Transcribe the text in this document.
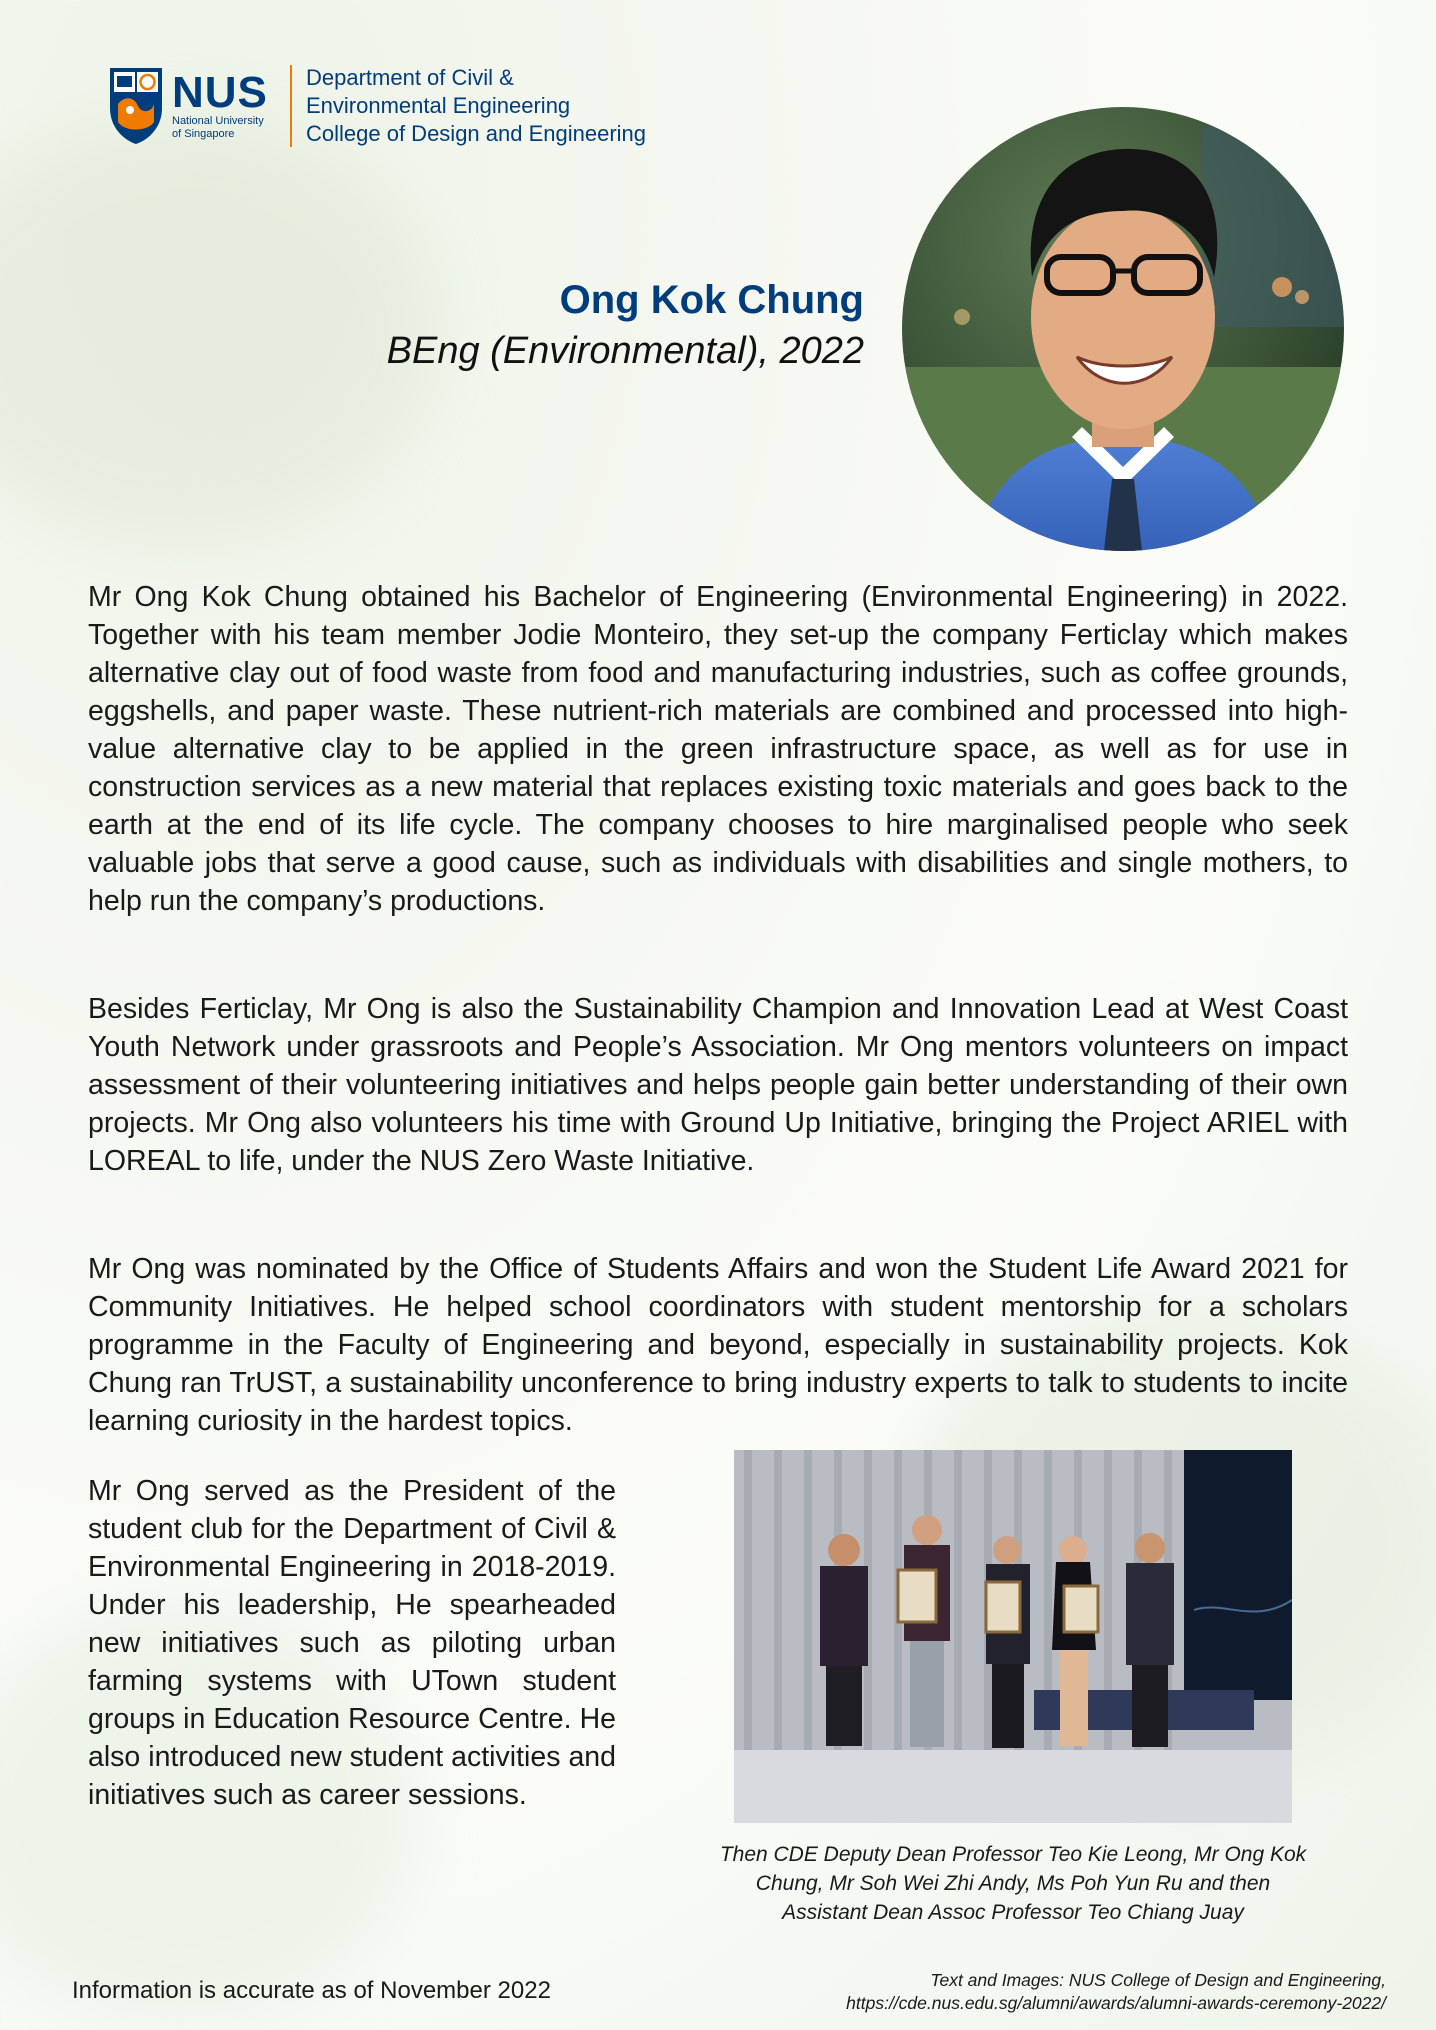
NUS
National University
of Singapore
Department of Civil &
Environmental Engineering
College of Design and Engineering
Ong Kok Chung
BEng (Environmental), 2022
Mr Ong Kok Chung obtained his Bachelor of Engineering (Environmental Engineering) in 2022. Together with his team member Jodie Monteiro, they set-up the company Ferticlay which makes alternative clay out of food waste from food and manufacturing industries, such as coffee grounds, eggshells, and paper waste. These nutrient-rich materials are combined and processed into high-value alternative clay to be applied in the green infrastructure space, as well as for use in construction services as a new material that replaces existing toxic materials and goes back to the earth at the end of its life cycle. The company chooses to hire marginalised people who seek valuable jobs that serve a good cause, such as individuals with disabilities and single mothers, to help run the company’s productions.
Besides Ferticlay, Mr Ong is also the Sustainability Champion and Innovation Lead at West Coast Youth Network under grassroots and People’s Association. Mr Ong mentors volunteers on impact assessment of their volunteering initiatives and helps people gain better understanding of their own projects. Mr Ong also volunteers his time with Ground Up Initiative, bringing the Project ARIEL with LOREAL to life, under the NUS Zero Waste Initiative.
Mr Ong was nominated by the Office of Students Affairs and won the Student Life Award 2021 for Community Initiatives. He helped school coordinators with student mentorship for a scholars programme in the Faculty of Engineering and beyond, especially in sustainability projects. Kok Chung ran TrUST, a sustainability unconference to bring industry experts to talk to students to incite learning curiosity in the hardest topics.
Mr Ong served as the President of the student club for the Department of Civil & Environmental Engineering in 2018-2019. Under his leadership, He spearheaded new initiatives such as piloting urban farming systems with UTown student groups in Education Resource Centre. He also introduced new student activities and initiatives such as career sessions.
Then CDE Deputy Dean Professor Teo Kie Leong, Mr Ong Kok
Chung, Mr Soh Wei Zhi Andy, Ms Poh Yun Ru and then
Assistant Dean Assoc Professor Teo Chiang Juay
Information is accurate as of November 2022	Text and Images: NUS College of Design and Engineering,
https://cde.nus.edu.sg/alumni/awards/alumni-awards-ceremony-2022/
